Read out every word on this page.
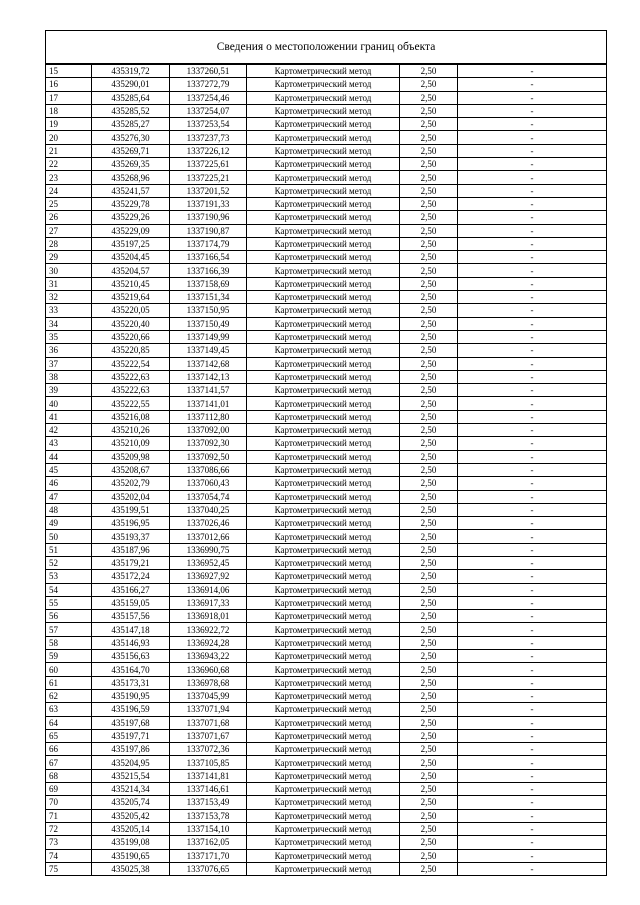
Сведения о местоположении границ объекта
15	435319,72	1337260,51	Картометрический метод	2,50	-
16	435290,01	1337272,79	Картометрический метод	2,50	-
17	435285,64	1337254,46	Картометрический метод	2,50	-
18	435285,52	1337254,07	Картометрический метод	2,50	-
19	435285,27	1337253,54	Картометрический метод	2,50	-
20	435276,30	1337237,73	Картометрический метод	2,50	-
21	435269,71	1337226,12	Картометрический метод	2,50	-
22	435269,35	1337225,61	Картометрический метод	2,50	-
23	435268,96	1337225,21	Картометрический метод	2,50	-
24	435241,57	1337201,52	Картометрический метод	2,50	-
25	435229,78	1337191,33	Картометрический метод	2,50	-
26	435229,26	1337190,96	Картометрический метод	2,50	-
27	435229,09	1337190,87	Картометрический метод	2,50	-
28	435197,25	1337174,79	Картометрический метод	2,50	-
29	435204,45	1337166,54	Картометрический метод	2,50	-
30	435204,57	1337166,39	Картометрический метод	2,50	-
31	435210,45	1337158,69	Картометрический метод	2,50	-
32	435219,64	1337151,34	Картометрический метод	2,50	-
33	435220,05	1337150,95	Картометрический метод	2,50	-
34	435220,40	1337150,49	Картометрический метод	2,50	-
35	435220,66	1337149,99	Картометрический метод	2,50	-
36	435220,85	1337149,45	Картометрический метод	2,50	-
37	435222,54	1337142,68	Картометрический метод	2,50	-
38	435222,63	1337142,13	Картометрический метод	2,50	-
39	435222,63	1337141,57	Картометрический метод	2,50	-
40	435222,55	1337141,01	Картометрический метод	2,50	-
41	435216,08	1337112,80	Картометрический метод	2,50	-
42	435210,26	1337092,00	Картометрический метод	2,50	-
43	435210,09	1337092,30	Картометрический метод	2,50	-
44	435209,98	1337092,50	Картометрический метод	2,50	-
45	435208,67	1337086,66	Картометрический метод	2,50	-
46	435202,79	1337060,43	Картометрический метод	2,50	-
47	435202,04	1337054,74	Картометрический метод	2,50	-
48	435199,51	1337040,25	Картометрический метод	2,50	-
49	435196,95	1337026,46	Картометрический метод	2,50	-
50	435193,37	1337012,66	Картометрический метод	2,50	-
51	435187,96	1336990,75	Картометрический метод	2,50	-
52	435179,21	1336952,45	Картометрический метод	2,50	-
53	435172,24	1336927,92	Картометрический метод	2,50	-
54	435166,27	1336914,06	Картометрический метод	2,50	-
55	435159,05	1336917,33	Картометрический метод	2,50	-
56	435157,56	1336918,01	Картометрический метод	2,50	-
57	435147,18	1336922,72	Картометрический метод	2,50	-
58	435146,93	1336924,28	Картометрический метод	2,50	-
59	435156,63	1336943,22	Картометрический метод	2,50	-
60	435164,70	1336960,68	Картометрический метод	2,50	-
61	435173,31	1336978,68	Картометрический метод	2,50	-
62	435190,95	1337045,99	Картометрический метод	2,50	-
63	435196,59	1337071,94	Картометрический метод	2,50	-
64	435197,68	1337071,68	Картометрический метод	2,50	-
65	435197,71	1337071,67	Картометрический метод	2,50	-
66	435197,86	1337072,36	Картометрический метод	2,50	-
67	435204,95	1337105,85	Картометрический метод	2,50	-
68	435215,54	1337141,81	Картометрический метод	2,50	-
69	435214,34	1337146,61	Картометрический метод	2,50	-
70	435205,74	1337153,49	Картометрический метод	2,50	-
71	435205,42	1337153,78	Картометрический метод	2,50	-
72	435205,14	1337154,10	Картометрический метод	2,50	-
73	435199,08	1337162,05	Картометрический метод	2,50	-
74	435190,65	1337171,70	Картометрический метод	2,50	-
75	435025,38	1337076,65	Картометрический метод	2,50	-
